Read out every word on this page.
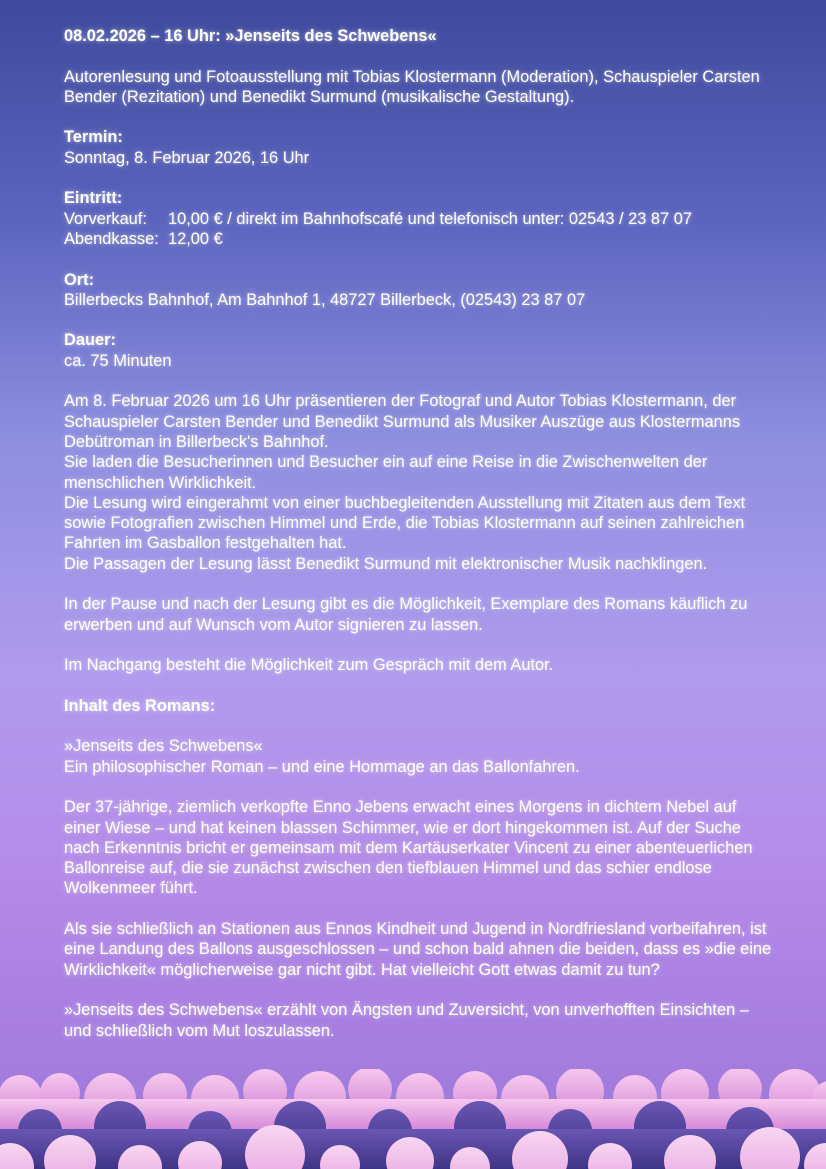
08.02.2026 – 16 Uhr: »Jenseits des Schwebens«

Autorenlesung und Fotoausstellung mit Tobias Klostermann (Moderation), Schauspieler Carsten Bender (Rezitation) und Benedikt Surmund (musikalische Gestaltung).

Termin:
Sonntag, 8. Februar 2026, 16 Uhr

Eintritt:
Vorverkauf: 10,00 € / direkt im Bahnhofscafé und telefonisch unter: 02543 / 23 87 07
Abendkasse: 12,00 €

Ort:
Billerbecks Bahnhof, Am Bahnhof 1, 48727 Billerbeck, (02543) 23 87 07

Dauer:
ca. 75 Minuten

Am 8. Februar 2026 um 16 Uhr präsentieren der Fotograf und Autor Tobias Klostermann, der Schauspieler Carsten Bender und Benedikt Surmund als Musiker Auszüge aus Klostermanns Debütroman in Billerbeck's Bahnhof.
Sie laden die Besucherinnen und Besucher ein auf eine Reise in die Zwischenwelten der menschlichen Wirklichkeit.
Die Lesung wird eingerahmt von einer buchbegleitenden Ausstellung mit Zitaten aus dem Text sowie Fotografien zwischen Himmel und Erde, die Tobias Klostermann auf seinen zahlreichen Fahrten im Gasballon festgehalten hat.
Die Passagen der Lesung lässt Benedikt Surmund mit elektronischer Musik nachklingen.

In der Pause und nach der Lesung gibt es die Möglichkeit, Exemplare des Romans käuflich zu erwerben und auf Wunsch vom Autor signieren zu lassen.

Im Nachgang besteht die Möglichkeit zum Gespräch mit dem Autor.

Inhalt des Romans:

»Jenseits des Schwebens«
Ein philosophischer Roman – und eine Hommage an das Ballonfahren.

Der 37-jährige, ziemlich verkopfte Enno Jebens erwacht eines Morgens in dichtem Nebel auf einer Wiese – und hat keinen blassen Schimmer, wie er dort hingekommen ist. Auf der Suche nach Erkenntnis bricht er gemeinsam mit dem Kartäuserkater Vincent zu einer abenteuerlichen Ballonreise auf, die sie zunächst zwischen den tiefblauen Himmel und das schier endlose Wolkenmeer führt.

Als sie schließlich an Stationen aus Ennos Kindheit und Jugend in Nordfriesland vorbeifahren, ist eine Landung des Ballons ausgeschlossen – und schon bald ahnen die beiden, dass es »die eine Wirklichkeit« möglicherweise gar nicht gibt. Hat vielleicht Gott etwas damit zu tun?

»Jenseits des Schwebens« erzählt von Ängsten und Zuversicht, von unverhofften Einsichten – und schließlich vom Mut loszulassen.
